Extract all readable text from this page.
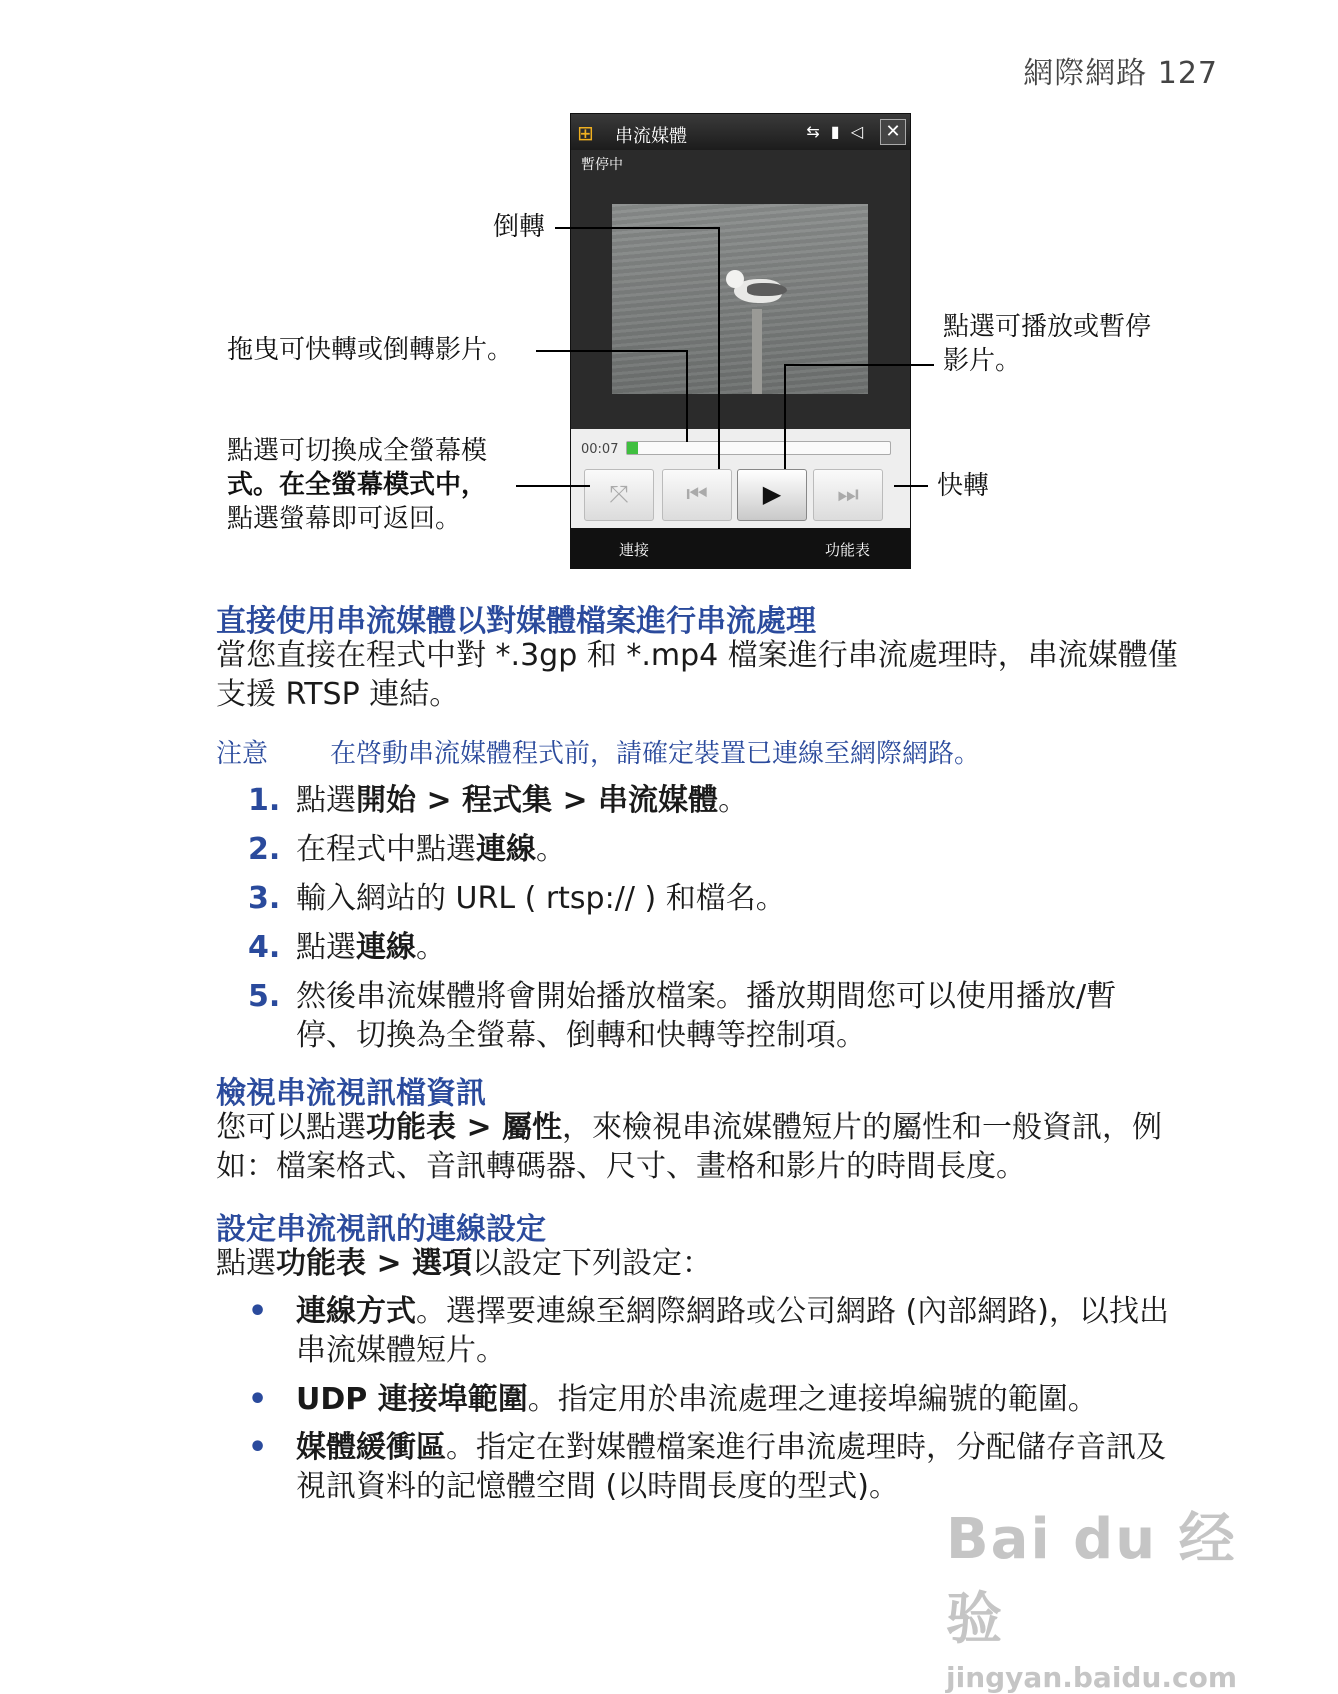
網際網路 127
⊞ 串流媒體	⇆ ▮ ◁	✕
暫停中
00:07
⤧	⏮	▶	⏭
連接	功能表
倒轉
拖曳可快轉或倒轉影片。
點選可播放或暫停
影片。
點選可切換成全螢幕模
式。在全螢幕模式中，
點選螢幕即可返回。
快轉
直接使用串流媒體以對媒體檔案進行串流處理
當您直接在程式中對 *.3gp 和 *.mp4 檔案進行串流處理時，串流媒體僅
支援 RTSP 連結。
注意 在啓動串流媒體程式前，請確定裝置已連線至網際網路。
1. 點選開始 > 程式集 > 串流媒體。
2. 在程式中點選連線。
3. 輸入網站的 URL ( rtsp:// ) 和檔名。
4. 點選連線。
5. 然後串流媒體將會開始播放檔案。播放期間您可以使用播放/暫
停、切換為全螢幕、倒轉和快轉等控制項。
檢視串流視訊檔資訊
您可以點選功能表 > 屬性，來檢視串流媒體短片的屬性和一般資訊，例
如：檔案格式、音訊轉碼器、尺寸、畫格和影片的時間長度。
設定串流視訊的連線設定
點選功能表 > 選項以設定下列設定：
• 連線方式。選擇要連線至網際網路或公司網路 (內部網路)，以找出
串流媒體短片。
• UDP 連接埠範圍。指定用於串流處理之連接埠編號的範圍。
• 媒體緩衝區。指定在對媒體檔案進行串流處理時，分配儲存音訊及
視訊資料的記憶體空間 (以時間長度的型式)。
Bai du 经验
jingyan.baidu.com
